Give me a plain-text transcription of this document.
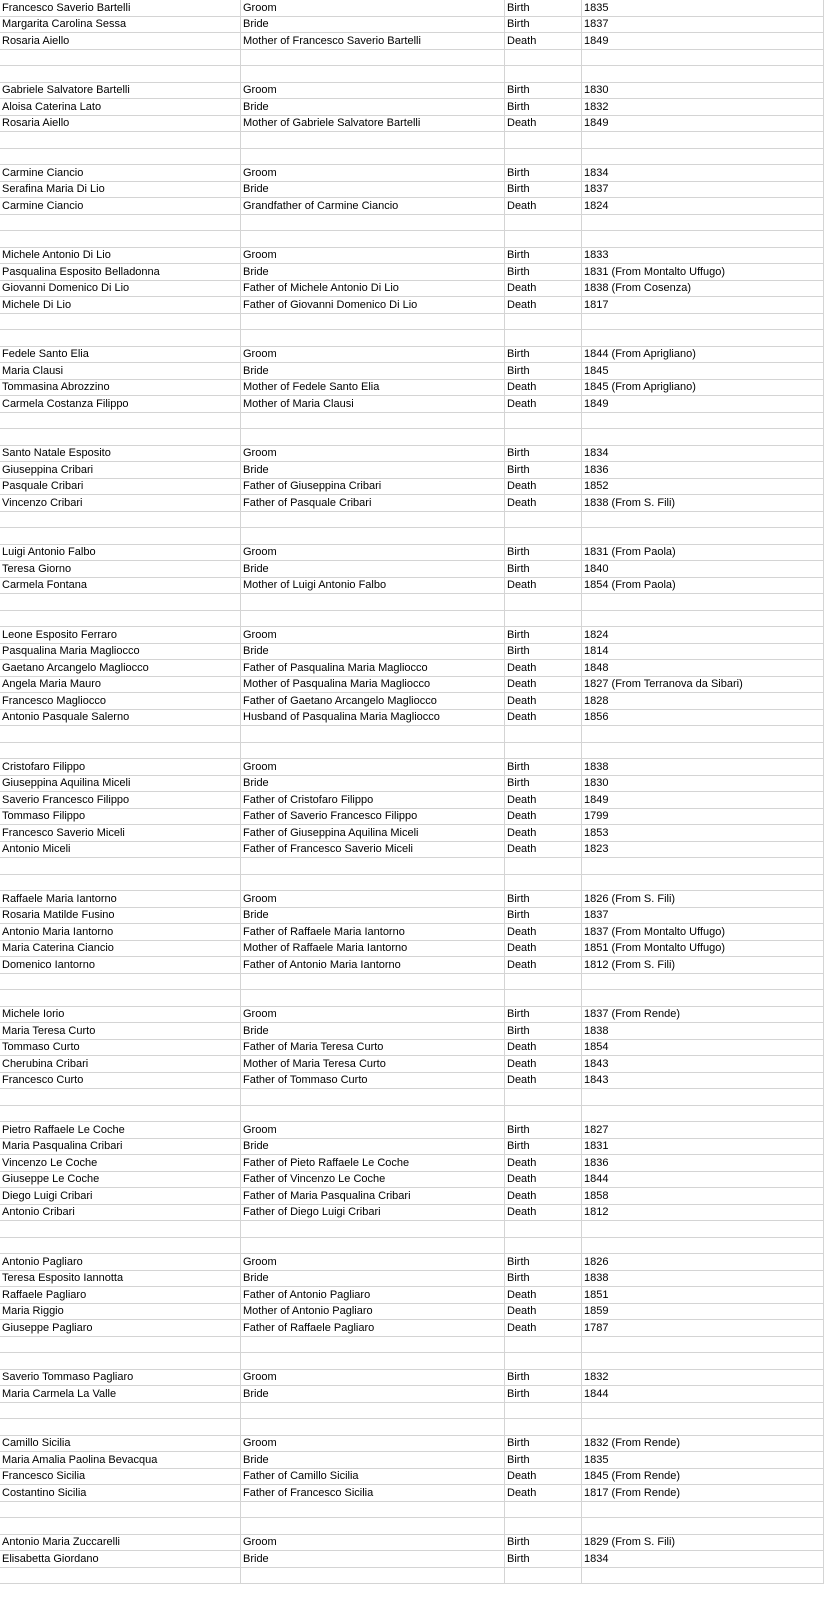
Francesco Saverio Bartelli	Groom	Birth	1835
Margarita Carolina Sessa	Bride	Birth	1837
Rosaria Aiello	Mother of Francesco Saverio Bartelli	Death	1849

Gabriele Salvatore Bartelli	Groom	Birth	1830
Aloisa Caterina Lato	Bride	Birth	1832
Rosaria Aiello	Mother of Gabriele Salvatore Bartelli	Death	1849

Carmine Ciancio	Groom	Birth	1834
Serafina Maria Di Lio	Bride	Birth	1837
Carmine Ciancio	Grandfather of Carmine Ciancio	Death	1824

Michele Antonio Di Lio	Groom	Birth	1833
Pasqualina Esposito Belladonna	Bride	Birth	1831 (From Montalto Uffugo)
Giovanni Domenico Di Lio	Father of Michele Antonio Di Lio	Death	1838 (From Cosenza)
Michele Di Lio	Father of Giovanni Domenico Di Lio	Death	1817

Fedele Santo Elia	Groom	Birth	1844 (From Aprigliano)
Maria Clausi	Bride	Birth	1845
Tommasina Abrozzino	Mother of Fedele Santo Elia	Death	1845 (From Aprigliano)
Carmela Costanza Filippo	Mother of Maria Clausi	Death	1849

Santo Natale Esposito	Groom	Birth	1834
Giuseppina Cribari	Bride	Birth	1836
Pasquale Cribari	Father of Giuseppina Cribari	Death	1852
Vincenzo Cribari	Father of Pasquale Cribari	Death	1838 (From S. Fili)

Luigi Antonio Falbo	Groom	Birth	1831 (From Paola)
Teresa Giorno	Bride	Birth	1840
Carmela Fontana	Mother of Luigi Antonio Falbo	Death	1854 (From Paola)

Leone Esposito Ferraro	Groom	Birth	1824
Pasqualina Maria Magliocco	Bride	Birth	1814
Gaetano Arcangelo Magliocco	Father of Pasqualina Maria Magliocco	Death	1848
Angela Maria Mauro	Mother of Pasqualina Maria Magliocco	Death	1827 (From Terranova da Sibari)
Francesco Magliocco	Father of Gaetano Arcangelo Magliocco	Death	1828
Antonio Pasquale Salerno	Husband of Pasqualina Maria Magliocco	Death	1856

Cristofaro Filippo	Groom	Birth	1838
Giuseppina Aquilina Miceli	Bride	Birth	1830
Saverio Francesco Filippo	Father of Cristofaro Filippo	Death	1849
Tommaso Filippo	Father of Saverio Francesco Filippo	Death	1799
Francesco Saverio Miceli	Father of Giuseppina Aquilina Miceli	Death	1853
Antonio Miceli	Father of Francesco Saverio Miceli	Death	1823

Raffaele Maria Iantorno	Groom	Birth	1826 (From S. Fili)
Rosaria Matilde Fusino	Bride	Birth	1837
Antonio Maria Iantorno	Father of Raffaele Maria Iantorno	Death	1837 (From Montalto Uffugo)
Maria Caterina Ciancio	Mother of Raffaele Maria Iantorno	Death	1851 (From Montalto Uffugo)
Domenico Iantorno	Father of Antonio Maria Iantorno	Death	1812 (From S. Fili)

Michele Iorio	Groom	Birth	1837 (From Rende)
Maria Teresa Curto	Bride	Birth	1838
Tommaso Curto	Father of Maria Teresa Curto	Death	1854
Cherubina Cribari	Mother of Maria Teresa Curto	Death	1843
Francesco Curto	Father of Tommaso Curto	Death	1843

Pietro Raffaele Le Coche	Groom	Birth	1827
Maria Pasqualina Cribari	Bride	Birth	1831
Vincenzo Le Coche	Father of Pieto Raffaele Le Coche	Death	1836
Giuseppe Le Coche	Father of Vincenzo Le Coche	Death	1844
Diego Luigi Cribari	Father of Maria Pasqualina Cribari	Death	1858
Antonio Cribari	Father of Diego Luigi Cribari	Death	1812

Antonio Pagliaro	Groom	Birth	1826
Teresa Esposito Iannotta	Bride	Birth	1838
Raffaele Pagliaro	Father of Antonio Pagliaro	Death	1851
Maria Riggio	Mother of Antonio Pagliaro	Death	1859
Giuseppe Pagliaro	Father of Raffaele Pagliaro	Death	1787

Saverio Tommaso Pagliaro	Groom	Birth	1832
Maria Carmela La Valle	Bride	Birth	1844

Camillo Sicilia	Groom	Birth	1832 (From Rende)
Maria Amalia Paolina Bevacqua	Bride	Birth	1835
Francesco Sicilia	Father of Camillo Sicilia	Death	1845 (From Rende)
Costantino Sicilia	Father of Francesco Sicilia	Death	1817 (From Rende)

Antonio Maria Zuccarelli	Groom	Birth	1829 (From S. Fili)
Elisabetta Giordano	Bride	Birth	1834
